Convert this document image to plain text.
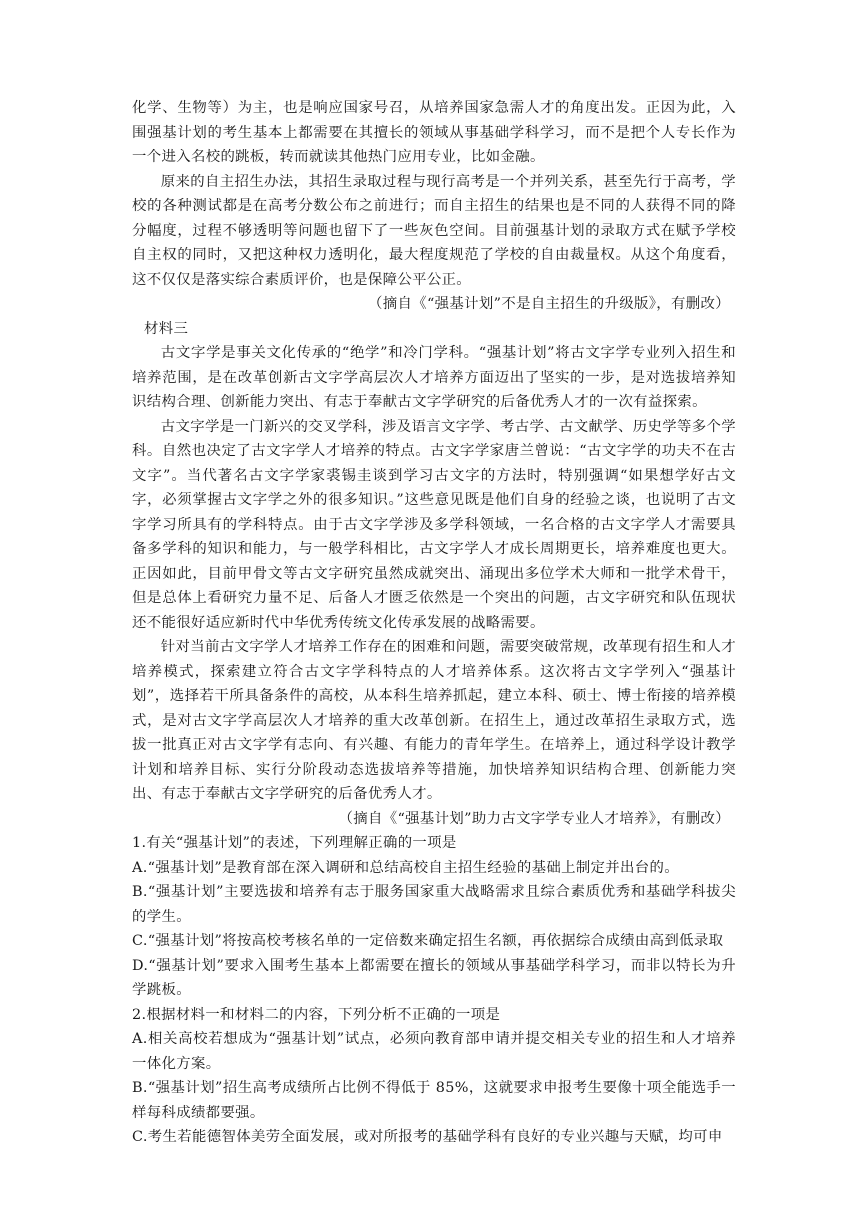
化学、生物等）为主，也是响应国家号召，从培养国家急需人才的角度出发。正因为此，入围强基计划的考生基本上都需要在其擅长的领域从事基础学科学习，而不是把个人专长作为一个进入名校的跳板，转而就读其他热门应用专业，比如金融。

原来的自主招生办法，其招生录取过程与现行高考是一个并列关系，甚至先行于高考，学校的各种测试都是在高考分数公布之前进行；而自主招生的结果也是不同的人获得不同的降分幅度，过程不够透明等问题也留下了一些灰色空间。目前强基计划的录取方式在赋予学校自主权的同时，又把这种权力透明化，最大程度规范了学校的自由裁量权。从这个角度看，这不仅仅是落实综合素质评价，也是保障公平公正。

（摘自《“强基计划”不是自主招生的升级版》，有删改）

材料三

古文字学是事关文化传承的“绝学”和冷门学科。“强基计划”将古文字学专业列入招生和培养范围，是在改革创新古文字学高层次人才培养方面迈出了坚实的一步，是对选拔培养知识结构合理、创新能力突出、有志于奉献古文字学研究的后备优秀人才的一次有益探索。

古文字学是一门新兴的交叉学科，涉及语言文字学、考古学、古文献学、历史学等多个学科。自然也决定了古文字学人才培养的特点。古文字学家唐兰曾说：“古文字学的功夫不在古文字”。当代著名古文字学家裘锡圭谈到学习古文字的方法时，特别强调“如果想学好古文字，必须掌握古文字学之外的很多知识。”这些意见既是他们自身的经验之谈，也说明了古文字学习所具有的学科特点。由于古文字学涉及多学科领域，一名合格的古文字学人才需要具备多学科的知识和能力，与一般学科相比，古文字学人才成长周期更长，培养难度也更大。正因如此，目前甲骨文等古文字研究虽然成就突出、涌现出多位学术大师和一批学术骨干，但是总体上看研究力量不足、后备人才匮乏依然是一个突出的问题，古文字研究和队伍现状还不能很好适应新时代中华优秀传统文化传承发展的战略需要。

针对当前古文字学人才培养工作存在的困难和问题，需要突破常规，改革现有招生和人才培养模式，探索建立符合古文字学科特点的人才培养体系。这次将古文字学列入“强基计划”，选择若干所具备条件的高校，从本科生培养抓起，建立本科、硕士、博士衔接的培养模式，是对古文字学高层次人才培养的重大改革创新。在招生上，通过改革招生录取方式，选拔一批真正对古文字学有志向、有兴趣、有能力的青年学生。在培养上，通过科学设计教学计划和培养目标、实行分阶段动态选拔培养等措施，加快培养知识结构合理、创新能力突出、有志于奉献古文字学研究的后备优秀人才。

（摘自《“强基计划”助力古文字学专业人才培养》，有删改）

1.有关“强基计划”的表述，下列理解正确的一项是

A.“强基计划”是教育部在深入调研和总结高校自主招生经验的基础上制定并出台的。

B.“强基计划”主要选拔和培养有志于服务国家重大战略需求且综合素质优秀和基础学科拔尖的学生。

C.“强基计划”将按高校考核名单的一定倍数来确定招生名额，再依据综合成绩由高到低录取

D.“强基计划”要求入围考生基本上都需要在擅长的领域从事基础学科学习，而非以特长为升学跳板。

2.根据材料一和材料二的内容，下列分析不正确的一项是

A.相关高校若想成为“强基计划”试点，必须向教育部申请并提交相关专业的招生和人才培养一体化方案。

B.“强基计划”招生高考成绩所占比例不得低于 85%，这就要求申报考生要像十项全能选手一样每科成绩都要强。

C.考生若能德智体美劳全面发展，或对所报考的基础学科有良好的专业兴趣与天赋，均可申
